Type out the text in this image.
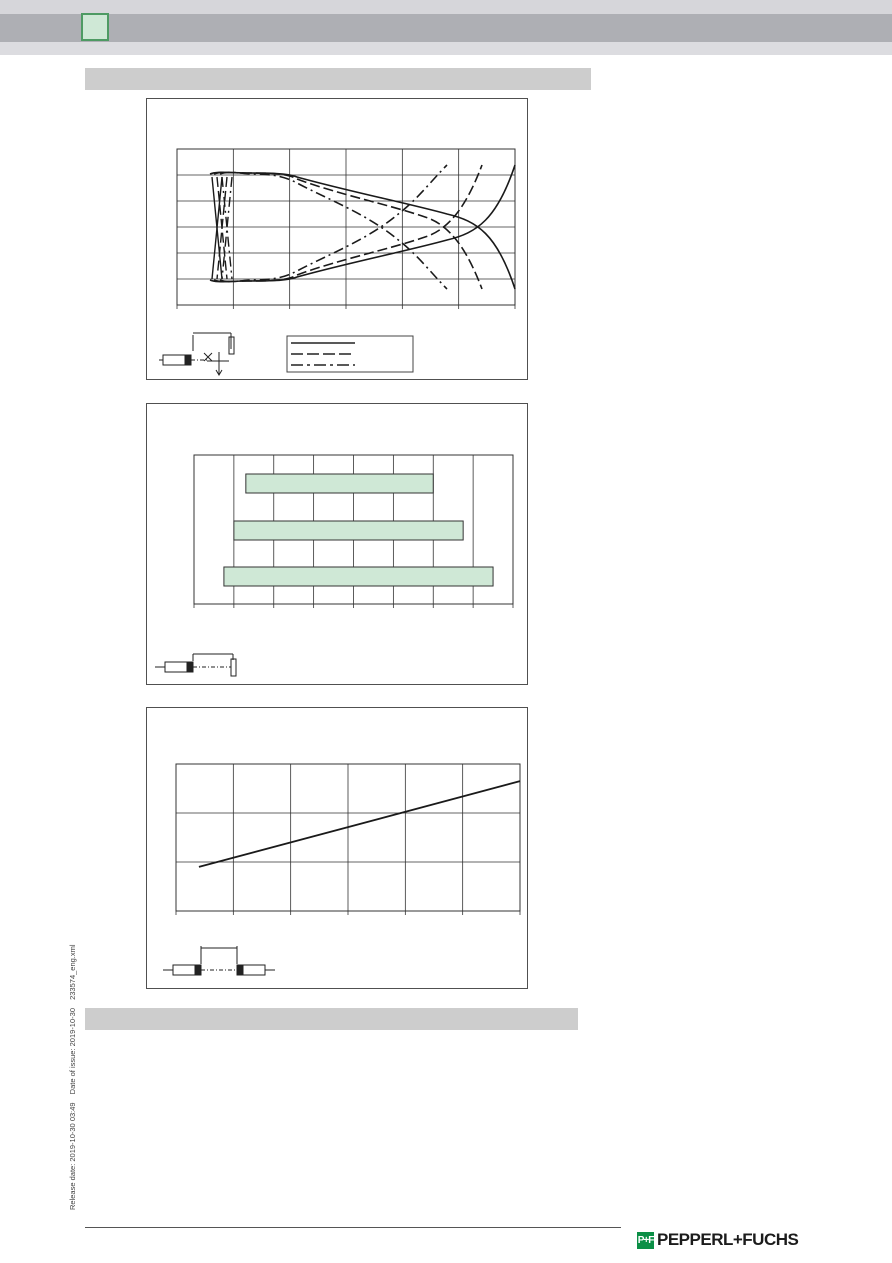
Release date: 2019-10-30 03:49 Date of issue: 2019-10-30 233574_eng.xml
P+F PEPPERL+FUCHS
